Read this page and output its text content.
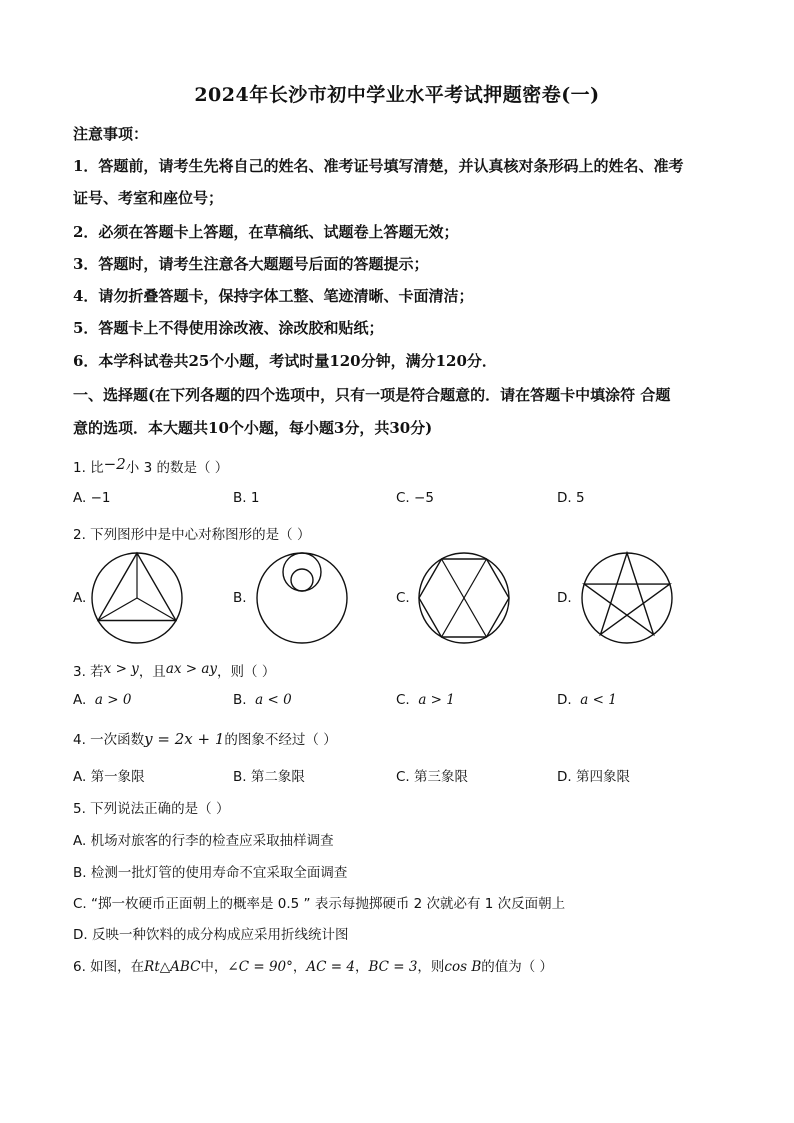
2024年长沙市初中学业水平考试押题密卷(一)
注意事项：
1．答题前，请考生先将自己的姓名、准考证号填写清楚，并认真核对条形码上的姓名、准考
证号、考室和座位号；
2．必须在答题卡上答题，在草稿纸、试题卷上答题无效；
3．答题时，请考生注意各大题题号后面的答题提示；
4．请勿折叠答题卡，保持字体工整、笔迹清晰、卡面清洁；
5．答题卡上不得使用涂改液、涂改胶和贴纸；
6．本学科试卷共25个小题，考试时量120分钟，满分120分．
一、选择题(在下列各题的四个选项中，只有一项是符合题意的．请在答题卡中填涂符 合题
意的选项．本大题共10个小题，每小题3分，共30分)
1. 比−2小 3 的数是（ ）
A. −1	B. 1	C. −5	D. 5
2. 下列图形中是中心对称图形的是（ ）
A.	B.	C.	D.
3. 若x > y，且ax > ay，则（ ）
A. a > 0	B. a < 0	C. a > 1	D. a < 1
4. 一次函数y = 2x + 1的图象不经过（ ）
A. 第一象限	B. 第二象限	C. 第三象限	D. 第四象限
5. 下列说法正确的是（ ）
A. 机场对旅客的行李的检查应采取抽样调查
B. 检测一批灯管的使用寿命不宜采取全面调查
C. “掷一枚硬币正面朝上的概率是 0.5 ” 表示每抛掷硬币 2 次就必有 1 次反面朝上
D. 反映一种饮料的成分构成应采用折线统计图
6. 如图，在Rt△ABC中，∠C = 90°，AC = 4，BC = 3，则cos B的值为（ ）
